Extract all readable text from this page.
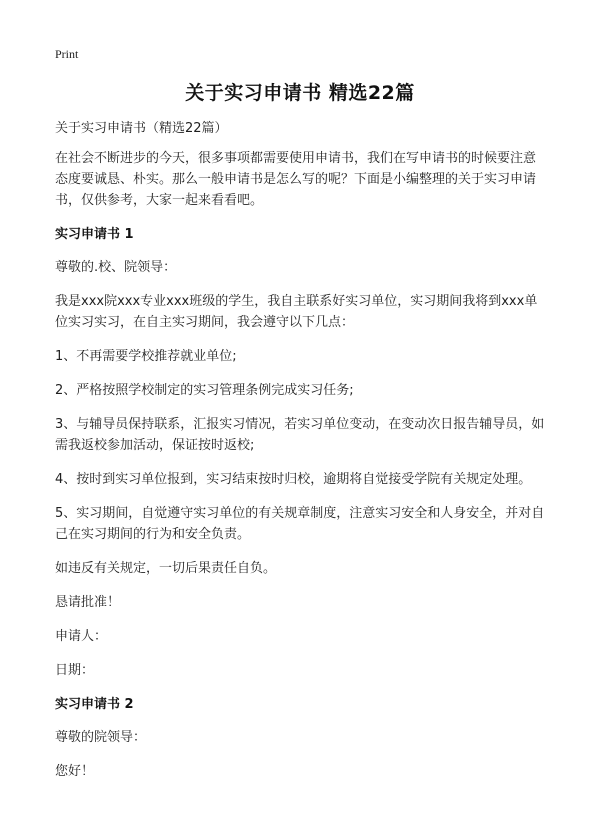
Print
关于实习申请书 精选22篇

关于实习申请书（精选22篇）

在社会不断进步的今天，很多事项都需要使用申请书，我们在写申请书的时候要注意态度要诚恳、朴实。那么一般申请书是怎么写的呢？下面是小编整理的关于实习申请书，仅供参考，大家一起来看看吧。

实习申请书 1

尊敬的.校、院领导：

我是xxx院xxx专业xxx班级的学生，我自主联系好实习单位，实习期间我将到xxx单位实习实习，在自主实习期间，我会遵守以下几点：

1、不再需要学校推荐就业单位;

2、严格按照学校制定的实习管理条例完成实习任务;

3、与辅导员保持联系，汇报实习情况，若实习单位变动，在变动次日报告辅导员，如需我返校参加活动，保证按时返校;

4、按时到实习单位报到，实习结束按时归校，逾期将自觉接受学院有关规定处理。

5、实习期间，自觉遵守实习单位的有关规章制度，注意实习安全和人身安全，并对自己在实习期间的行为和安全负责。

如违反有关规定，一切后果责任自负。

恳请批准！

申请人：

日期：

实习申请书 2

尊敬的院领导：

您好！
